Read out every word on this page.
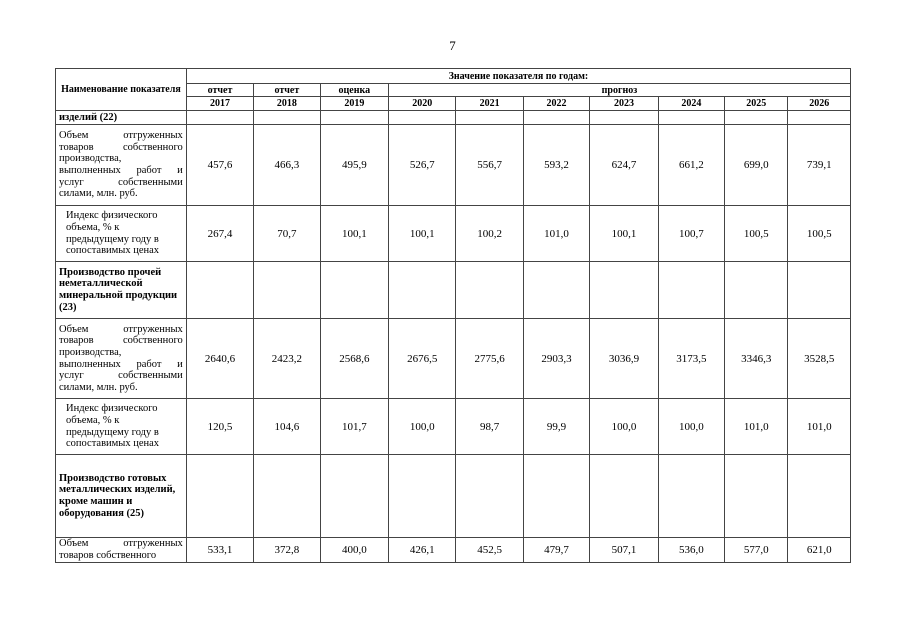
7
Наименование показателя	Значение показателя по годам:									
	отчет	отчет	оценка	прогноз						
	2017	2018	2019	2020	2021	2022	2023	2024	2025	2026
изделий (22)										
Объем отгруженных товаров собственного производства, выполненных работ и услуг собственными силами, млн. руб.	457,6	466,3	495,9	526,7	556,7	593,2	624,7	661,2	699,0	739,1
Индекс физического объема, % к предыдущему году в сопоставимых ценах	267,4	70,7	100,1	100,1	100,2	101,0	100,1	100,7	100,5	100,5
Производство прочей неметаллической минеральной продукции (23)										
Объем отгруженных товаров собственного производства, выполненных работ и услуг собственными силами, млн. руб.	2640,6	2423,2	2568,6	2676,5	2775,6	2903,3	3036,9	3173,5	3346,3	3528,5
Индекс физического объема, % к предыдущему году в сопоставимых ценах	120,5	104,6	101,7	100,0	98,7	99,9	100,0	100,0	101,0	101,0
Производство готовых металлических изделий, кроме машин и оборудования (25)										
Объем отгруженных товаров собственного	533,1	372,8	400,0	426,1	452,5	479,7	507,1	536,0	577,0	621,0
